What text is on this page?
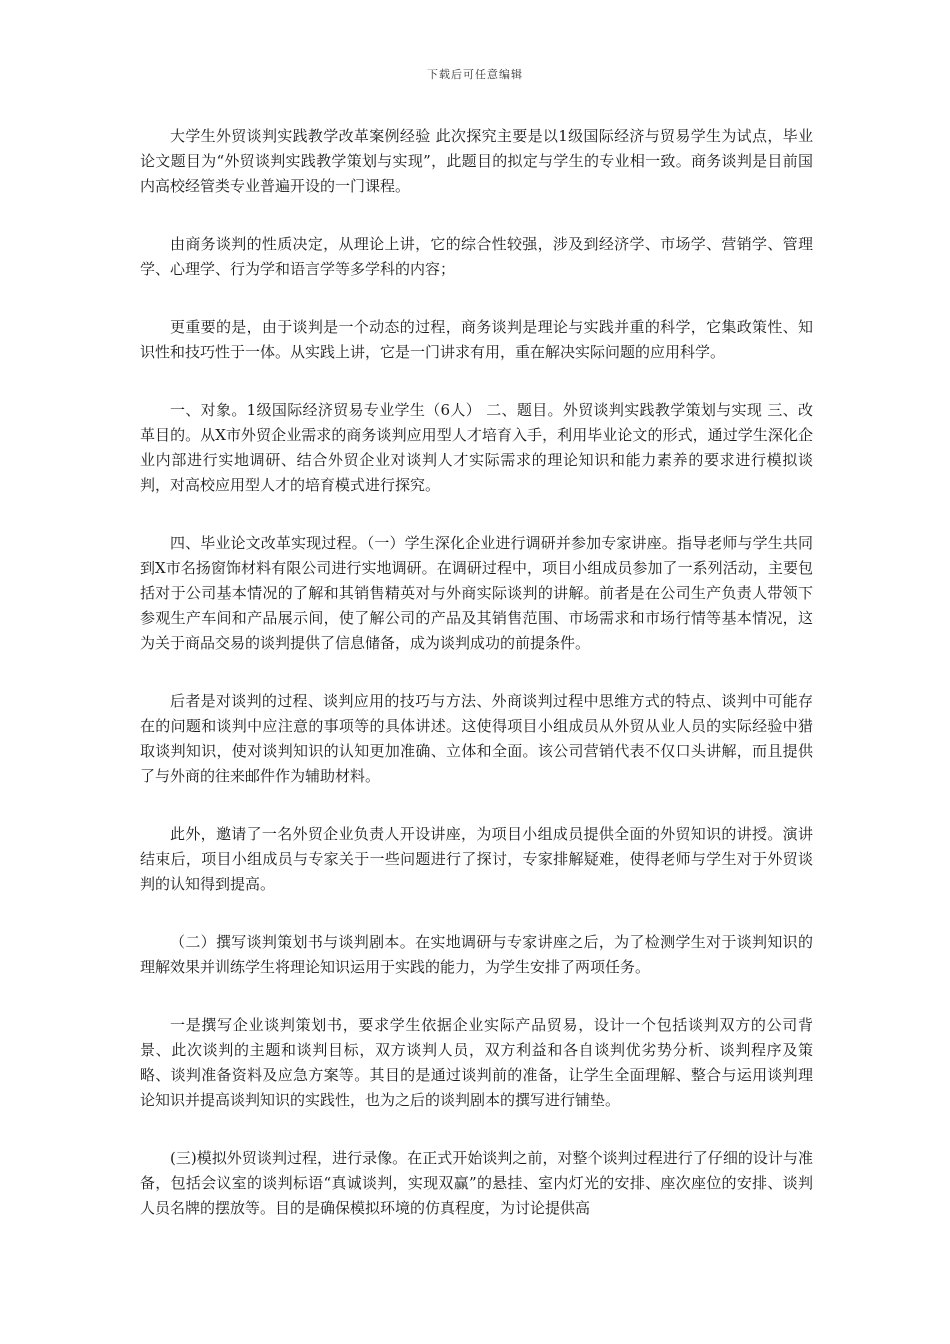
下载后可任意编辑

大学生外贸谈判实践教学改革案例经验 此次探究主要是以1级国际经济与贸易学生为试点，毕业论文题目为“外贸谈判实践教学策划与实现”，此题目的拟定与学生的专业相一致。商务谈判是目前国内高校经管类专业普遍开设的一门课程。

由商务谈判的性质决定，从理论上讲，它的综合性较强，涉及到经济学、市场学、营销学、管理学、心理学、行为学和语言学等多学科的内容；

更重要的是，由于谈判是一个动态的过程，商务谈判是理论与实践并重的科学，它集政策性、知识性和技巧性于一体。从实践上讲，它是一门讲求有用，重在解决实际问题的应用科学。

一、对象。1级国际经济贸易专业学生（6人） 二、题目。外贸谈判实践教学策划与实现 三、改革目的。从X市外贸企业需求的商务谈判应用型人才培育入手，利用毕业论文的形式，通过学生深化企业内部进行实地调研、结合外贸企业对谈判人才实际需求的理论知识和能力素养的要求进行模拟谈判，对高校应用型人才的培育模式进行探究。

四、毕业论文改革实现过程。（一）学生深化企业进行调研并参加专家讲座。指导老师与学生共同到X市名扬窗饰材料有限公司进行实地调研。在调研过程中，项目小组成员参加了一系列活动，主要包括对于公司基本情况的了解和其销售精英对与外商实际谈判的讲解。前者是在公司生产负责人带领下参观生产车间和产品展示间，使了解公司的产品及其销售范围、市场需求和市场行情等基本情况，这为关于商品交易的谈判提供了信息储备，成为谈判成功的前提条件。

后者是对谈判的过程、谈判应用的技巧与方法、外商谈判过程中思维方式的特点、谈判中可能存在的问题和谈判中应注意的事项等的具体讲述。这使得项目小组成员从外贸从业人员的实际经验中猎取谈判知识，使对谈判知识的认知更加准确、立体和全面。该公司营销代表不仅口头讲解，而且提供了与外商的往来邮件作为辅助材料。

此外，邀请了一名外贸企业负责人开设讲座，为项目小组成员提供全面的外贸知识的讲授。演讲结束后，项目小组成员与专家关于一些问题进行了探讨，专家排解疑难，使得老师与学生对于外贸谈判的认知得到提高。

（二）撰写谈判策划书与谈判剧本。在实地调研与专家讲座之后，为了检测学生对于谈判知识的理解效果并训练学生将理论知识运用于实践的能力，为学生安排了两项任务。

一是撰写企业谈判策划书，要求学生依据企业实际产品贸易，设计一个包括谈判双方的公司背景、此次谈判的主题和谈判目标，双方谈判人员，双方利益和各自谈判优劣势分析、谈判程序及策略、谈判准备资料及应急方案等。其目的是通过谈判前的准备，让学生全面理解、整合与运用谈判理论知识并提高谈判知识的实践性，也为之后的谈判剧本的撰写进行铺垫。

(三)模拟外贸谈判过程，进行录像。在正式开始谈判之前，对整个谈判过程进行了仔细的设计与准备，包括会议室的谈判标语“真诚谈判，实现双赢”的悬挂、室内灯光的安排、座次座位的安排、谈判人员名牌的摆放等。目的是确保模拟环境的仿真程度，为讨论提供高
